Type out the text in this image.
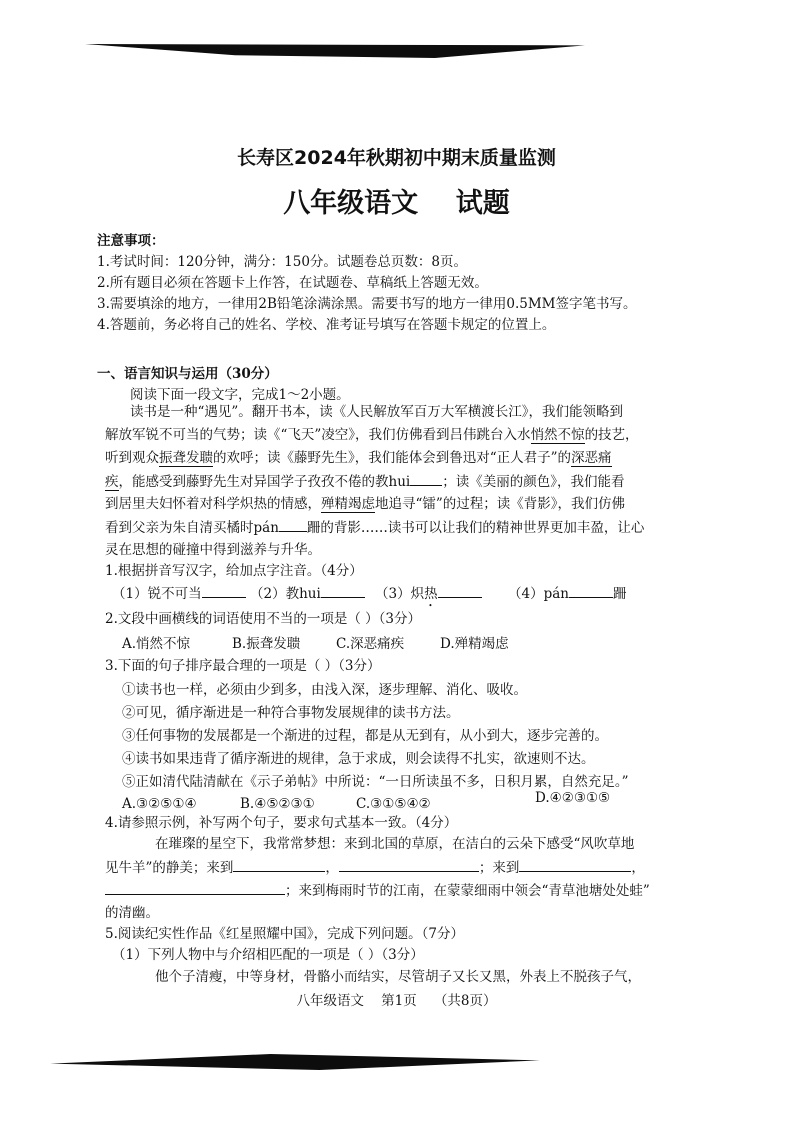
长寿区2024年秋期初中期末质量监测
八年级语文    试题
注意事项：
1.考试时间：120分钟，满分：150分。试题卷总页数：8页。
2.所有题目必须在答题卡上作答，在试题卷、草稿纸上答题无效。
3.需要填涂的地方，一律用2B铅笔涂满涂黑。需要书写的地方一律用0.5MM签字笔书写。
4.答题前，务必将自己的姓名、学校、准考证号填写在答题卡规定的位置上。
一、语言知识与运用（30分）
阅读下面一段文字，完成1～2小题。
读书是一种“遇见”。翻开书本，读《人民解放军百万大军横渡长江》，我们能领略到
解放军锐不可当的气势；读《“飞天”凌空》，我们仿佛看到吕伟跳台入水悄然不惊的技艺，
听到观众振聋发聩的欢呼；读《藤野先生》，我们能体会到鲁迅对“正人君子”的深恶痛
疾，能感受到藤野先生对异国学子孜孜不倦的教hui ；读《美丽的颜色》，我们能看
到居里夫妇怀着对科学炽热的情感，殚精竭虑地追寻“镭”的过程；读《背影》，我们仿佛
看到父亲为朱自清买橘时pán 跚的背影……读书可以让我们的精神世界更加丰盈，让心
灵在思想的碰撞中得到滋养与升华。
1.根据拼音写汉字，给加点字注音。（4分）
（1）锐不可当	（2）教hui	（3）炽热	（4）pán	跚
2.文段中画横线的词语使用不当的一项是（ ）（3分）
A.悄然不惊	B.振聋发聩	C.深恶痛疾	D.殚精竭虑
3.下面的句子排序最合理的一项是（ ）（3分）
①读书也一样，必须由少到多，由浅入深，逐步理解、消化、吸收。
②可见，循序渐进是一种符合事物发展规律的读书方法。
③任何事物的发展都是一个渐进的过程，都是从无到有，从小到大，逐步完善的。
④读书如果违背了循序渐进的规律，急于求成，则会读得不扎实，欲速则不达。
⑤正如清代陆清献在《示子弟帖》中所说：“一日所读虽不多，日积月累，自然充足。”
A.③②⑤①④	B.④⑤②③①	C.③①⑤④②	D.④②③①⑤
4.请参照示例，补写两个句子，要求句式基本一致。（4分）
在璀璨的星空下，我常常梦想：来到北国的草原，在洁白的云朵下感受“风吹草地
见牛羊”的静美；来到	，	；来到	，
；来到梅雨时节的江南，在蒙蒙细雨中领会“青草池塘处处蛙”
的清幽。
5.阅读纪实性作品《红星照耀中国》，完成下列问题。（7分）
（1）下列人物中与介绍相匹配的一项是（ ）（3分）
他个子清瘦，中等身材，骨骼小而结实，尽管胡子又长又黑，外表上不脱孩子气，
八年级语文    第1页    （共8页）
